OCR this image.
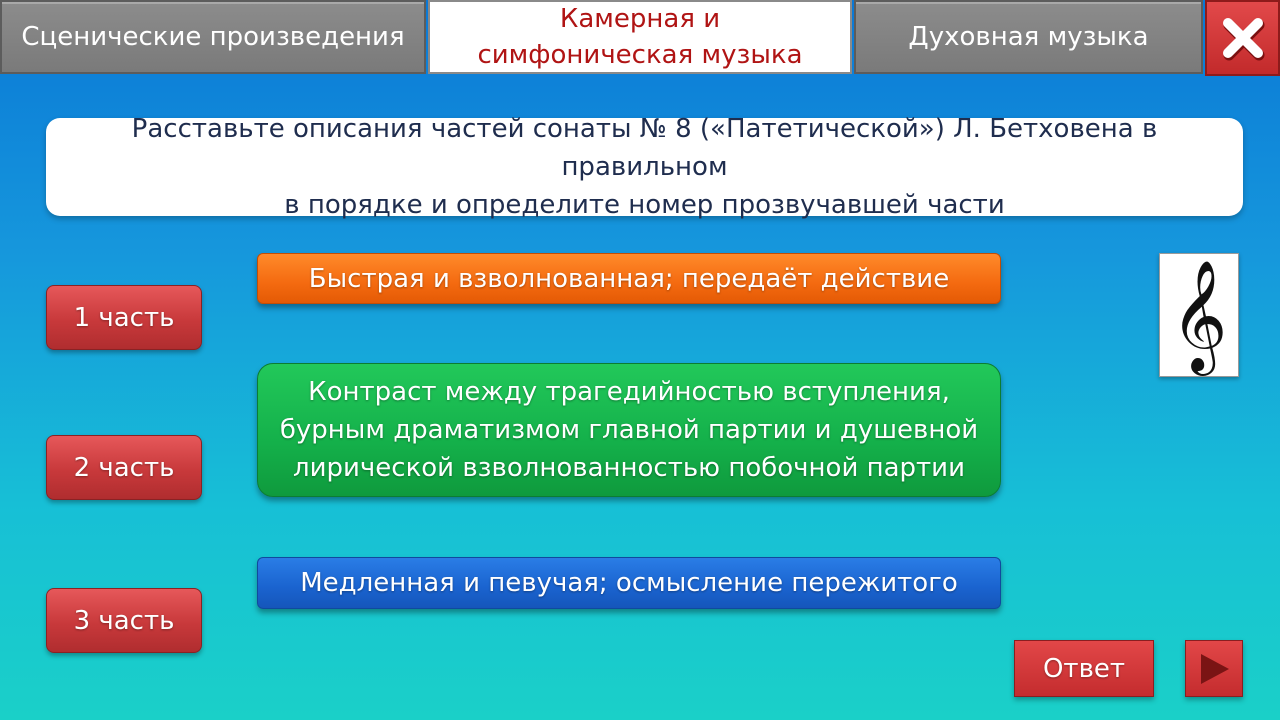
Сценические произведения
Камерная и симфоническая музыка
Духовная музыка
Расставьте описания частей сонаты № 8 («Патетической») Л. Бетховена в правильном
в порядке и определите номер прозвучавшей части
1 часть
2 часть
3 часть
Быстрая и взволнованная; передаёт действие
Контраст между трагедийностью вступления,
бурным драматизмом главной партии и душевной
лирической взволнованностью побочной партии
Медленная и певучая; осмысление пережитого
𝄞
Ответ
